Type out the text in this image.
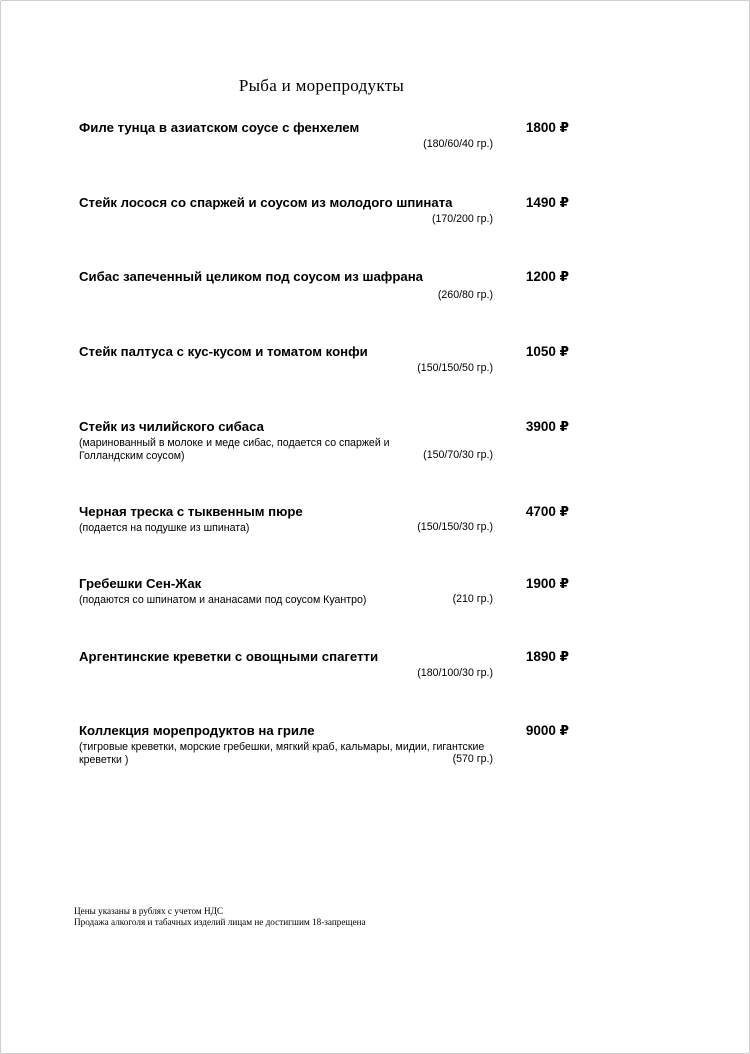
Рыба и морепродукты
Филе тунца в азиатском соусе с фенхелем	1800 ₽
(180/60/40 гр.)
Стейк лосося со спаржей и соусом из молодого шпината	1490 ₽
(170/200 гр.)
Сибас запеченный целиком под соусом из шафрана	1200 ₽
(260/80 гр.)
Стейк палтуса с кус-кусом и томатом конфи	1050 ₽
(150/150/50 гр.)
Стейк из чилийского сибаса	3900 ₽
(маринованный в молоке и меде сибас, подается со спаржей и Голландским соусом)	(150/70/30 гр.)
Черная треска с тыквенным пюре	4700 ₽
(подается на подушке из шпината)	(150/150/30 гр.)
Гребешки Сен-Жак	1900 ₽
(подаются со шпинатом и ананасами под соусом Куантро)	(210 гр.)
Аргентинские креветки с овощными спагетти	1890 ₽
(180/100/30 гр.)
Коллекция морепродуктов на гриле	9000 ₽
(тигровые креветки, морские гребешки, мягкий краб, кальмары, мидии, гигантские креветки )	(570 гр.)
Цены указаны в рублях с учетом НДС
Продажа алкоголя и табачных изделий лицам не достигшим 18-запрещена
